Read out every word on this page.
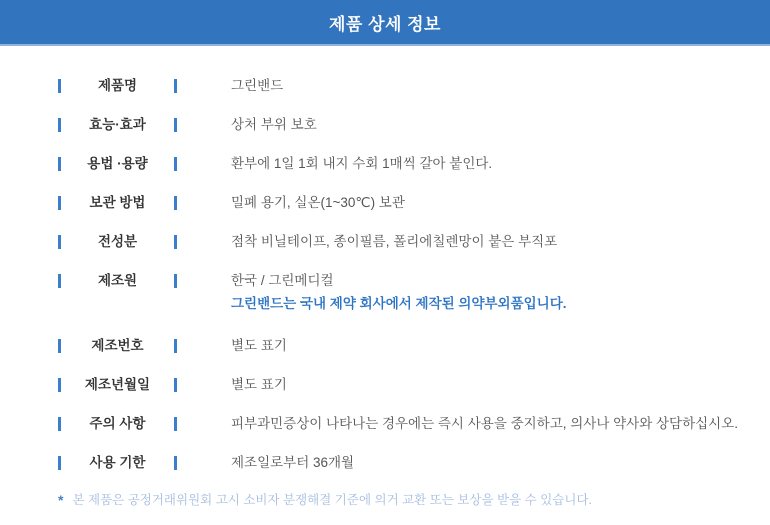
제품 상세 정보
제품명	그린밴드
효능·효과	상처 부위 보호
용법 ·용량	환부에 1일 1회 내지 수회 1매씩 갈아 붙인다.
보관 방법	밀폐 용기, 실온(1~30℃) 보관
전성분	점착 비닐테이프, 종이필름, 폴리에칠렌망이 붙은 부직포
제조원	한국 / 그린메디컬
그린밴드는 국내 제약 회사에서 제작된 의약부외품입니다.
제조번호	별도 표기
제조년월일	별도 표기
주의 사항	피부과민증상이 나타나는 경우에는 즉시 사용을 중지하고, 의사나 약사와 상담하십시오.
사용 기한	제조일로부터 36개월
* 본 제품은 공정거래위원회 고시 소비자 분쟁해결 기준에 의거 교환 또는 보상을 받을 수 있습니다.
